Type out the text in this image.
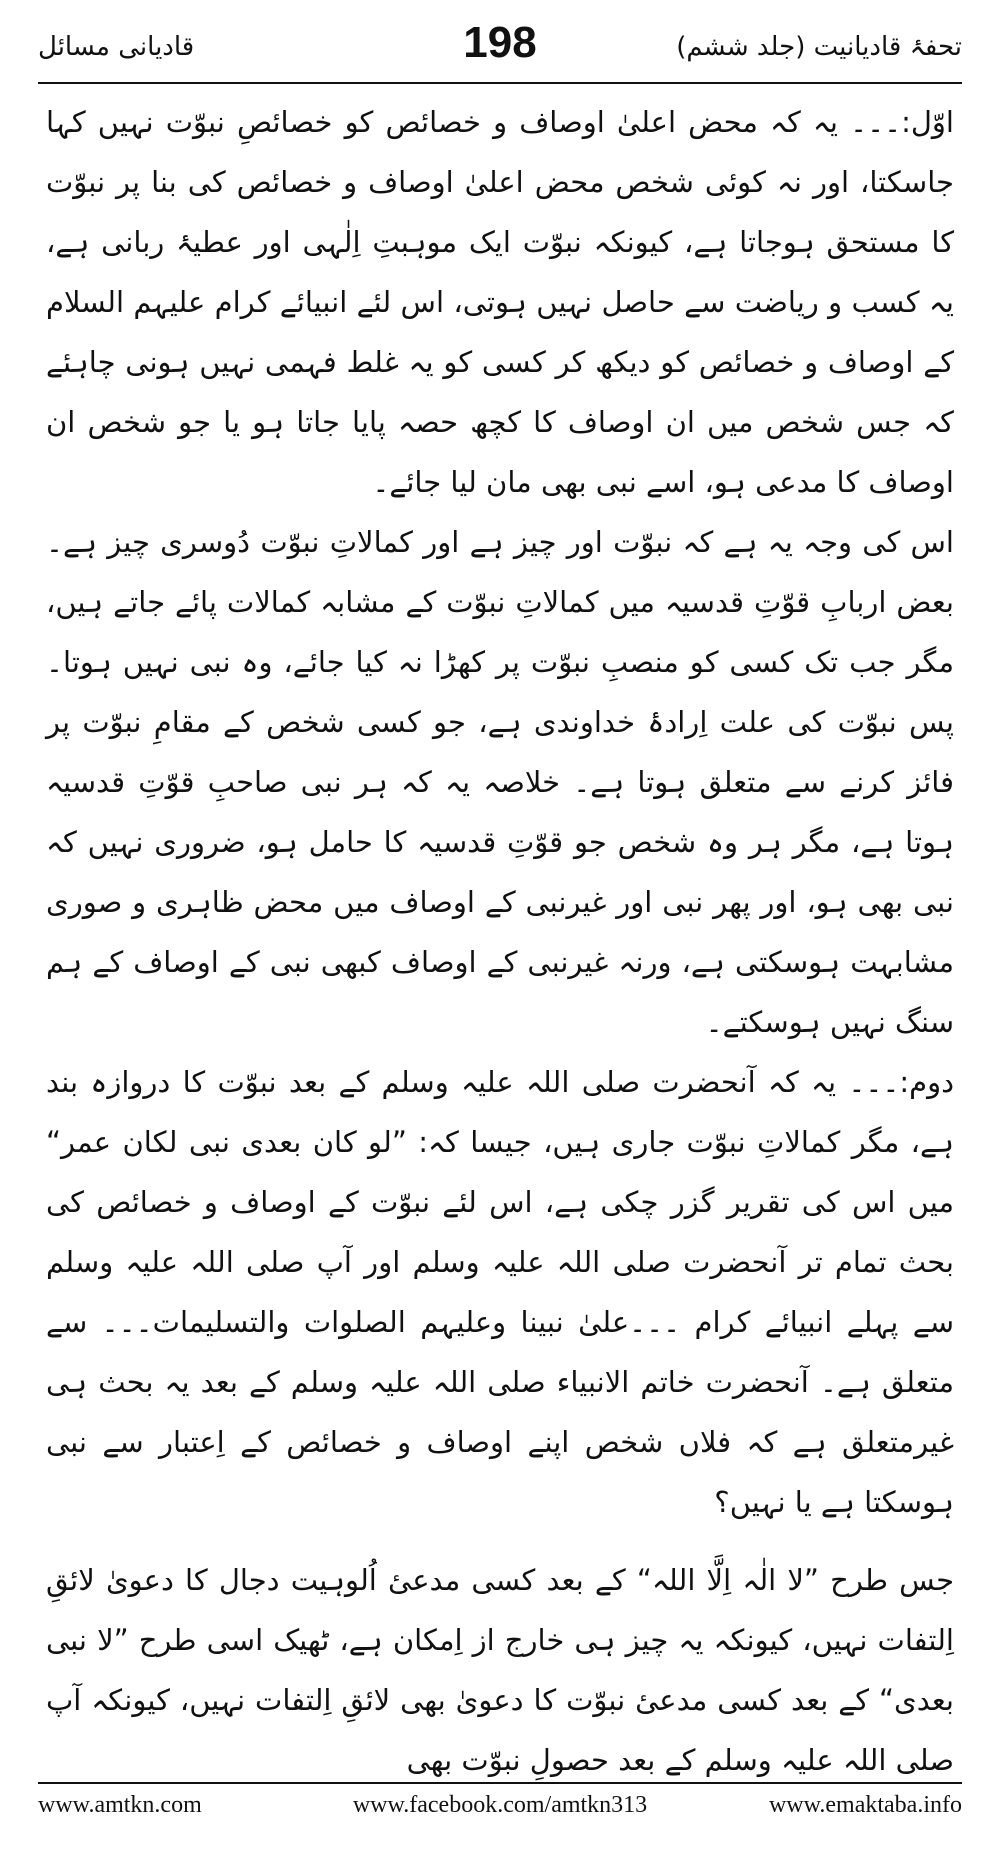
تحفۂ قادیانیت (جلد ششم)
198
قادیانی مسائل

اوّل:۔۔۔ یہ کہ محض اعلیٰ اوصاف و خصائص کو خصائصِ نبوّت نہیں کہا جاسکتا، اور نہ کوئی شخص محض اعلیٰ اوصاف و خصائص کی بنا پر نبوّت کا مستحق ہوجاتا ہے، کیونکہ نبوّت ایک موہبتِ اِلٰہی اور عطیۂ ربانی ہے، یہ کسب و ریاضت سے حاصل نہیں ہوتی، اس لئے انبیائے کرام علیہم السلام کے اوصاف و خصائص کو دیکھ کر کسی کو یہ غلط فہمی نہیں ہونی چاہئے کہ جس شخص میں ان اوصاف کا کچھ حصہ پایا جاتا ہو یا جو شخص ان اوصاف کا مدعی ہو، اسے نبی بھی مان لیا جائے۔

اس کی وجہ یہ ہے کہ نبوّت اور چیز ہے اور کمالاتِ نبوّت دُوسری چیز ہے۔ بعض اربابِ قوّتِ قدسیہ میں کمالاتِ نبوّت کے مشابہ کمالات پائے جاتے ہیں، مگر جب تک کسی کو منصبِ نبوّت پر کھڑا نہ کیا جائے، وہ نبی نہیں ہوتا۔ پس نبوّت کی علت اِرادۂ خداوندی ہے، جو کسی شخص کے مقامِ نبوّت پر فائز کرنے سے متعلق ہوتا ہے۔ خلاصہ یہ کہ ہر نبی صاحبِ قوّتِ قدسیہ ہوتا ہے، مگر ہر وہ شخص جو قوّتِ قدسیہ کا حامل ہو، ضروری نہیں کہ نبی بھی ہو، اور پھر نبی اور غیرنبی کے اوصاف میں محض ظاہری و صوری مشابہت ہوسکتی ہے، ورنہ غیرنبی کے اوصاف کبھی نبی کے اوصاف کے ہم سنگ نہیں ہوسکتے۔

دوم:۔۔۔ یہ کہ آنحضرت صلی اللہ علیہ وسلم کے بعد نبوّت کا دروازہ بند ہے، مگر کمالاتِ نبوّت جاری ہیں، جیسا کہ: ”لو کان بعدی نبی لکان عمر“ میں اس کی تقریر گزر چکی ہے، اس لئے نبوّت کے اوصاف و خصائص کی بحث تمام تر آنحضرت صلی اللہ علیہ وسلم اور آپ صلی اللہ علیہ وسلم سے پہلے انبیائے کرام ۔۔۔علیٰ نبینا وعلیہم الصلوات والتسلیمات۔۔۔ سے متعلق ہے۔ آنحضرت خاتم الانبیاء صلی اللہ علیہ وسلم کے بعد یہ بحث ہی غیرمتعلق ہے کہ فلاں شخص اپنے اوصاف و خصائص کے اِعتبار سے نبی ہوسکتا ہے یا نہیں؟

جس طرح ”لا الٰہ اِلَّا اللہ“ کے بعد کسی مدعیٔ اُلوہیت دجال کا دعویٰ لائقِ اِلتفات نہیں، کیونکہ یہ چیز ہی خارج از اِمکان ہے، ٹھیک اسی طرح ”لا نبی بعدی“ کے بعد کسی مدعیٔ نبوّت کا دعویٰ بھی لائقِ اِلتفات نہیں، کیونکہ آپ صلی اللہ علیہ وسلم کے بعد حصولِ نبوّت بھی

www.amtkn.com	www.facebook.com/amtkn313	www.emaktaba.info
